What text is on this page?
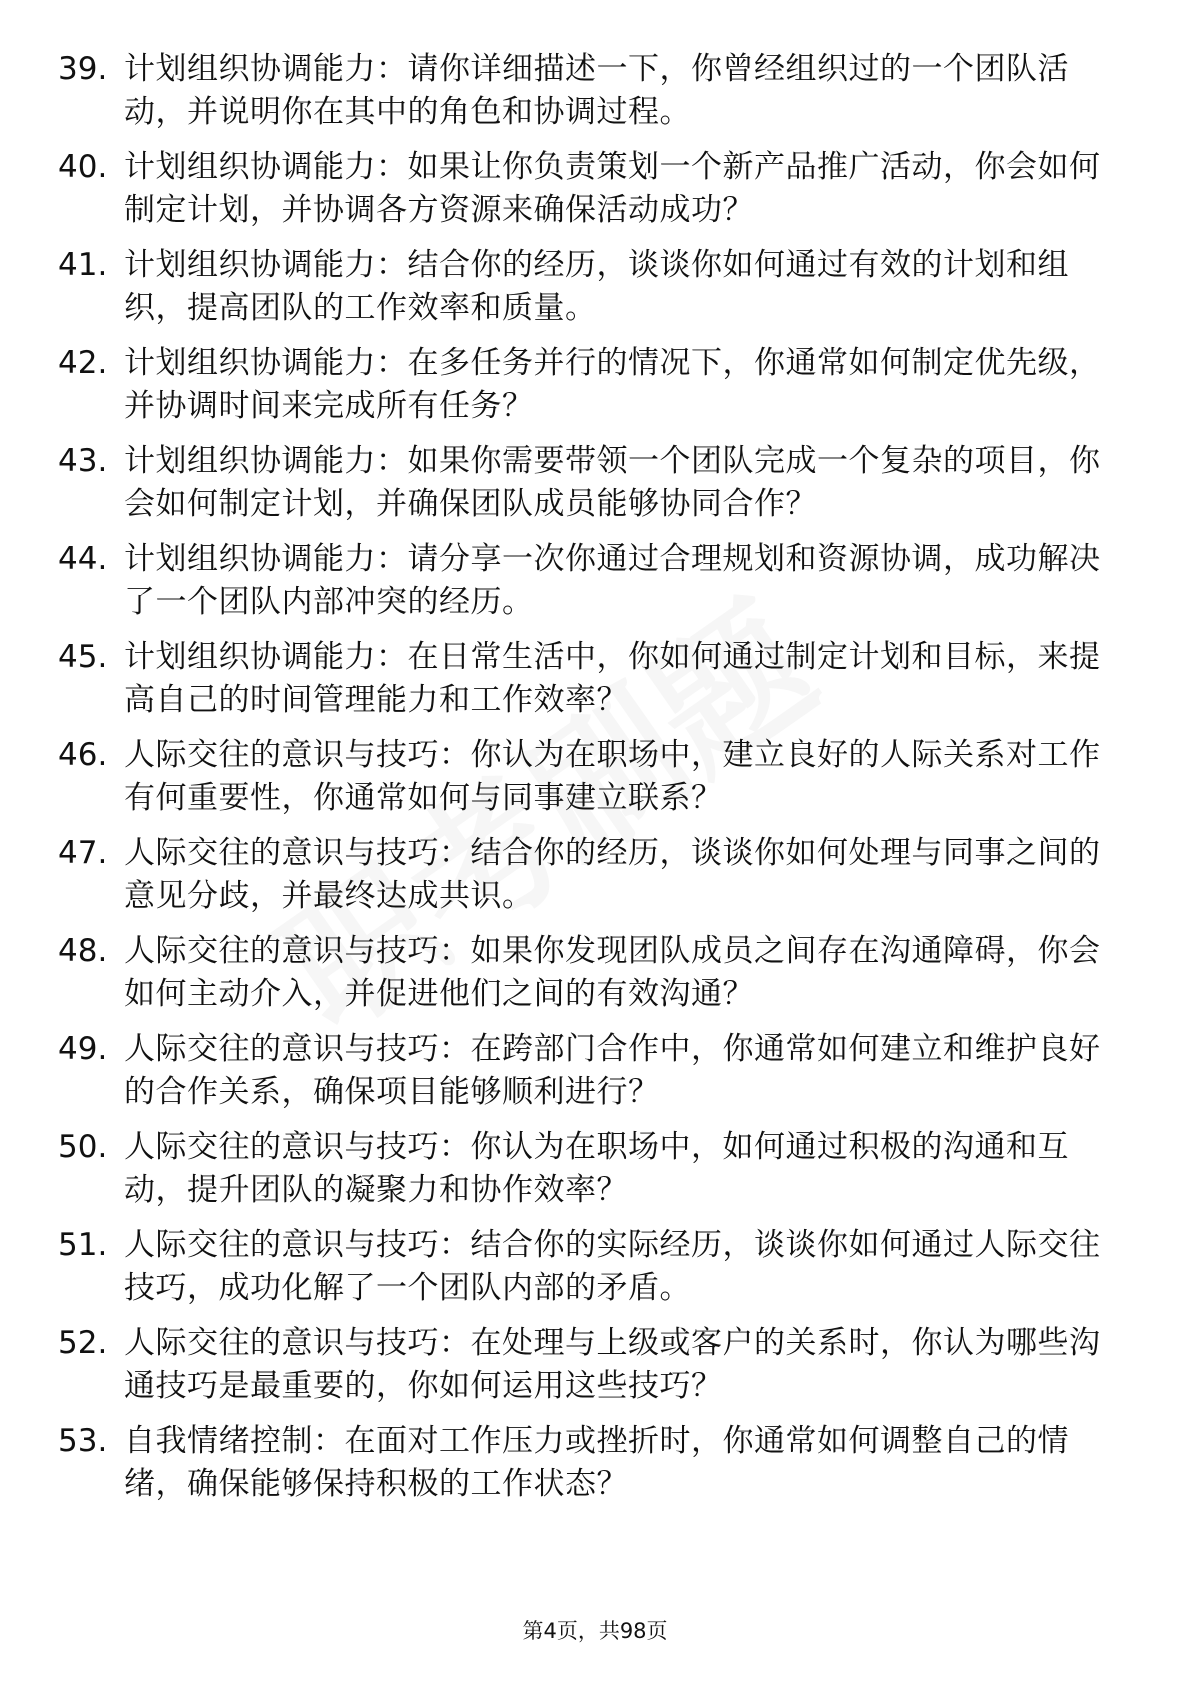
39. 计划组织协调能力：请你详细描述一下，你曾经组织过的一个团队活动，并说明你在其中的角色和协调过程。
40. 计划组织协调能力：如果让你负责策划一个新产品推广活动，你会如何制定计划，并协调各方资源来确保活动成功？
41. 计划组织协调能力：结合你的经历，谈谈你如何通过有效的计划和组织，提高团队的工作效率和质量。
42. 计划组织协调能力：在多任务并行的情况下，你通常如何制定优先级，并协调时间来完成所有任务？
43. 计划组织协调能力：如果你需要带领一个团队完成一个复杂的项目，你会如何制定计划，并确保团队成员能够协同合作？
44. 计划组织协调能力：请分享一次你通过合理规划和资源协调，成功解决了一个团队内部冲突的经历。
45. 计划组织协调能力：在日常生活中，你如何通过制定计划和目标，来提高自己的时间管理能力和工作效率？
46. 人际交往的意识与技巧：你认为在职场中，建立良好的人际关系对工作有何重要性，你通常如何与同事建立联系？
47. 人际交往的意识与技巧：结合你的经历，谈谈你如何处理与同事之间的意见分歧，并最终达成共识。
48. 人际交往的意识与技巧：如果你发现团队成员之间存在沟通障碍，你会如何主动介入，并促进他们之间的有效沟通？
49. 人际交往的意识与技巧：在跨部门合作中，你通常如何建立和维护良好的合作关系，确保项目能够顺利进行？
50. 人际交往的意识与技巧：你认为在职场中，如何通过积极的沟通和互动，提升团队的凝聚力和协作效率？
51. 人际交往的意识与技巧：结合你的实际经历，谈谈你如何通过人际交往技巧，成功化解了一个团队内部的矛盾。
52. 人际交往的意识与技巧：在处理与上级或客户的关系时，你认为哪些沟通技巧是最重要的，你如何运用这些技巧？
53. 自我情绪控制：在面对工作压力或挫折时，你通常如何调整自己的情绪，确保能够保持积极的工作状态？
第4页，共98页
